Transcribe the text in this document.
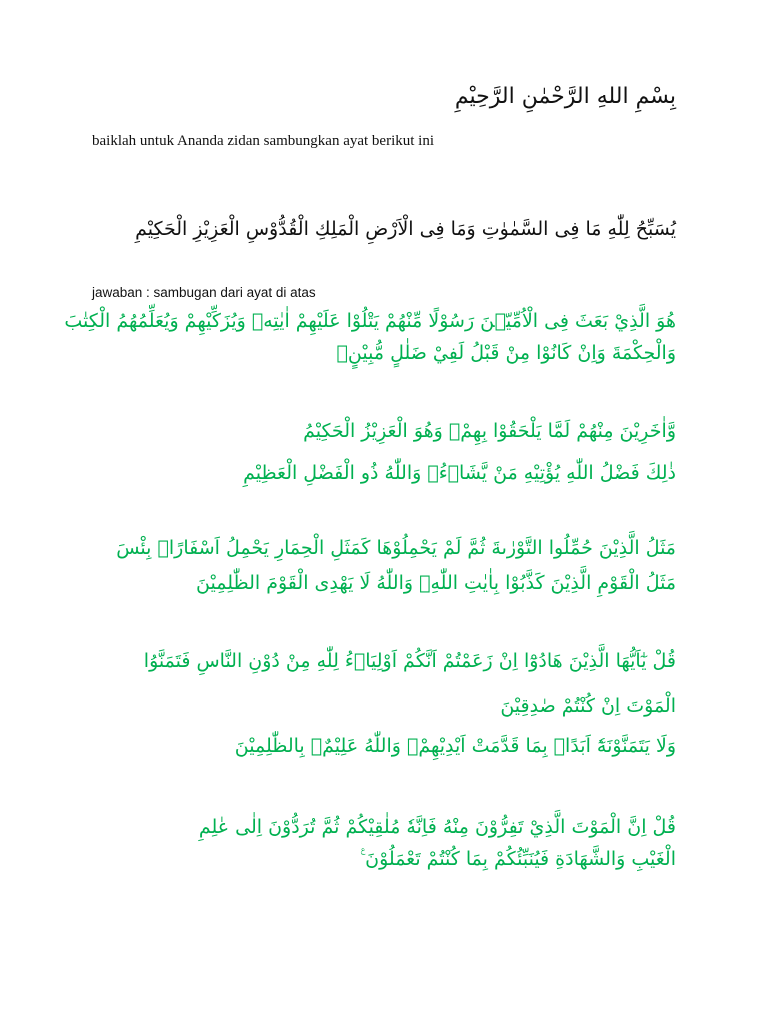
بِسْمِ اللهِ الرَّحْمٰنِ الرَّحِيْمِ
baiklah untuk Ananda zidan sambungkan ayat berikut ini
يُسَبِّحُ لِلّٰهِ مَا فِى السَّمٰوٰتِ وَمَا فِى الْاَرْضِ الْمَلِكِ الْقُدُّوْسِ الْعَزِيْزِ الْحَكِيْمِ
jawaban : sambugan dari ayat di atas
هُوَ الَّذِيْ بَعَثَ فِى الْاُمِّيّٖنَ رَسُوْلًا مِّنْهُمْ يَتْلُوْا عَلَيْهِمْ اٰيٰتِهٖ وَيُزَكِّيْهِمْ وَيُعَلِّمُهُمُ الْكِتٰبَ
وَالْحِكْمَةَ وَاِنْ كَانُوْا مِنْ قَبْلُ لَفِيْ ضَلٰلٍ مُّبِيْنٍۙ
وَّاٰخَرِيْنَ مِنْهُمْ لَمَّا يَلْحَقُوْا بِهِمْۗ وَهُوَ الْعَزِيْزُ الْحَكِيْمُ
ذٰلِكَ فَضْلُ اللّٰهِ يُؤْتِيْهِ مَنْ يَّشَاۤءُۗ وَاللّٰهُ ذُو الْفَضْلِ الْعَظِيْمِ
مَثَلُ الَّذِيْنَ حُمِّلُوا التَّوْرٰىةَ ثُمَّ لَمْ يَحْمِلُوْهَا كَمَثَلِ الْحِمَارِ يَحْمِلُ اَسْفَارًاۗ بِئْسَ
مَثَلُ الْقَوْمِ الَّذِيْنَ كَذَّبُوْا بِاٰيٰتِ اللّٰهِۗ وَاللّٰهُ لَا يَهْدِى الْقَوْمَ الظّٰلِمِيْنَ
قُلْ يٰٓاَيُّهَا الَّذِيْنَ هَادُوْٓا اِنْ زَعَمْتُمْ اَنَّكُمْ اَوْلِيَاۤءُ لِلّٰهِ مِنْ دُوْنِ النَّاسِ فَتَمَنَّوُا
الْمَوْتَ اِنْ كُنْتُمْ صٰدِقِيْنَ
وَلَا يَتَمَنَّوْنَهٗٓ اَبَدًاۢ بِمَا قَدَّمَتْ اَيْدِيْهِمْۗ وَاللّٰهُ عَلِيْمٌۢ بِالظّٰلِمِيْنَ
قُلْ اِنَّ الْمَوْتَ الَّذِيْ تَفِرُّوْنَ مِنْهُ فَاِنَّهٗ مُلٰقِيْكُمْ ثُمَّ تُرَدُّوْنَ اِلٰى عٰلِمِ
الْغَيْبِ وَالشَّهَادَةِ فَيُنَبِّئُكُمْ بِمَا كُنْتُمْ تَعْمَلُوْنَ ࣖ
